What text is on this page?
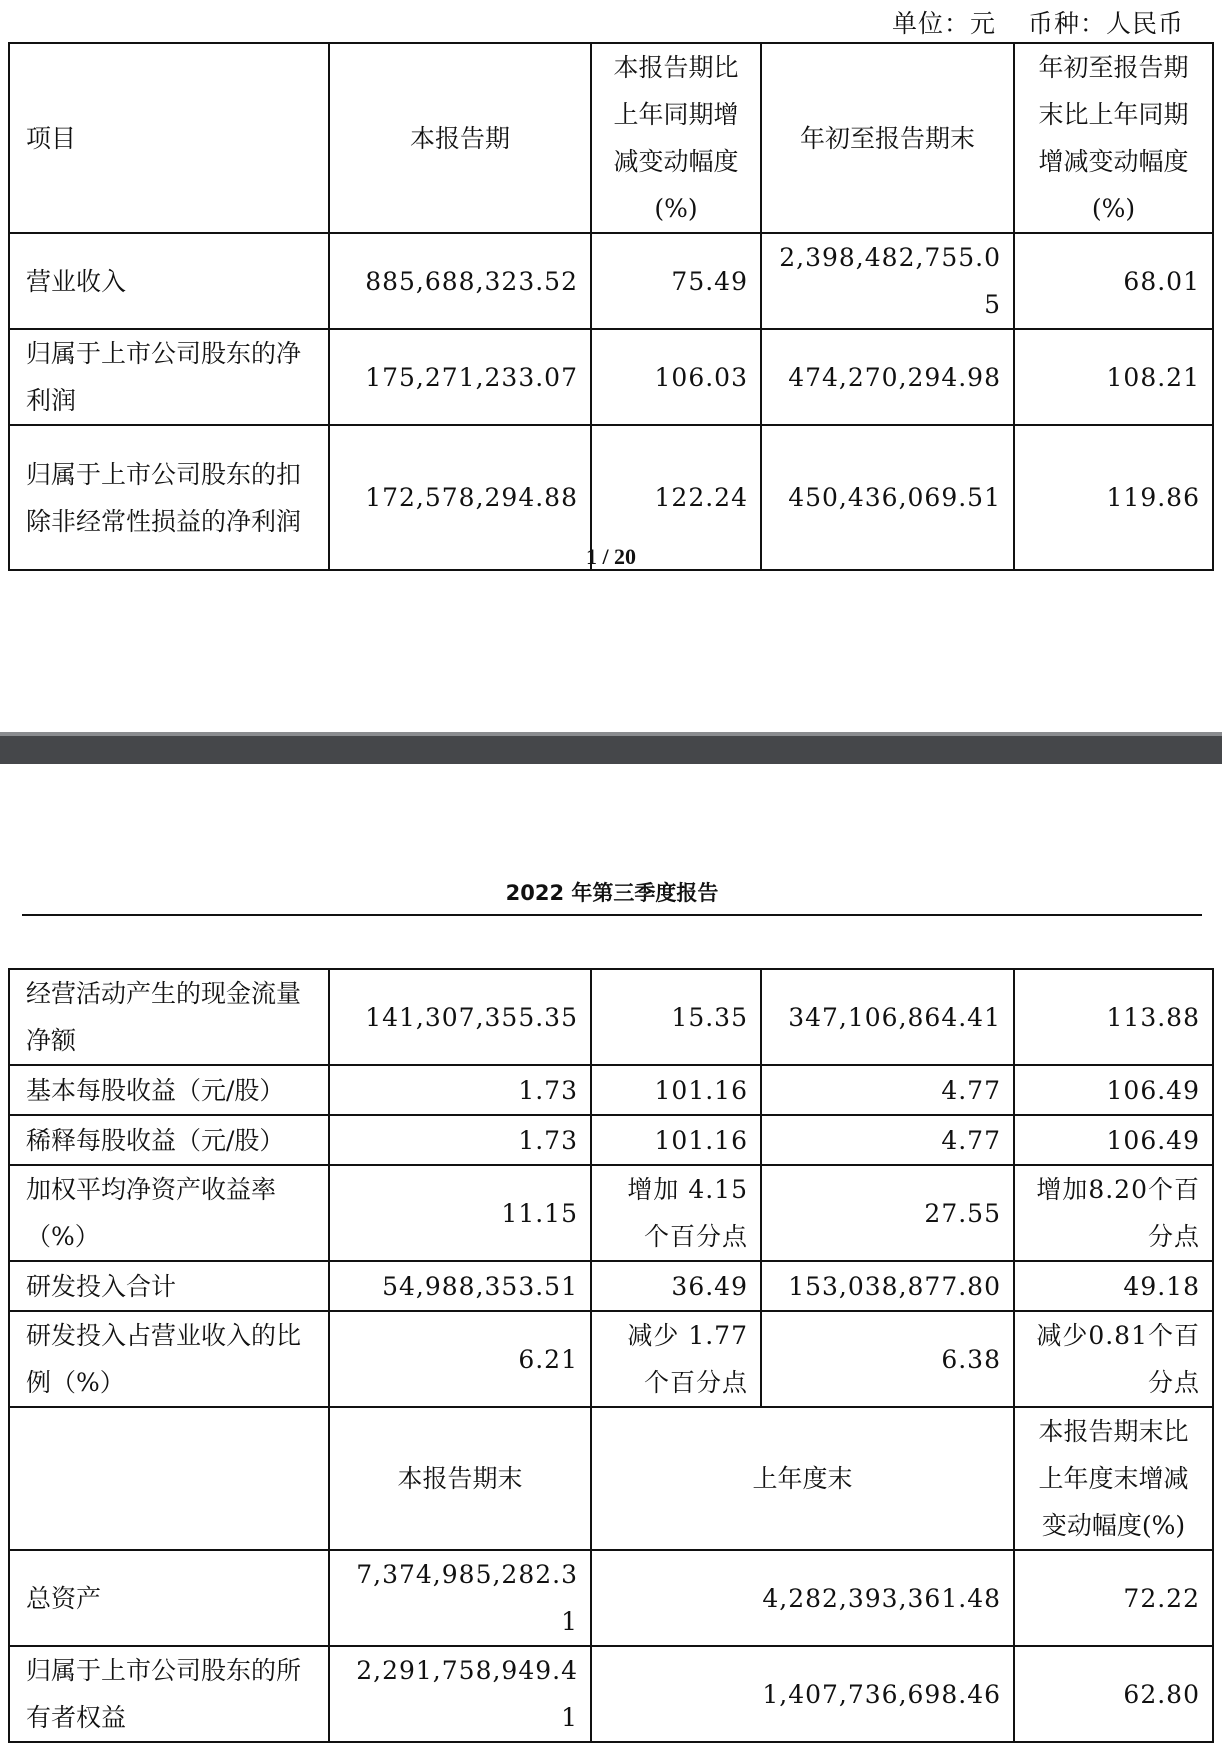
单位：元 币种：人民币
项目	本报告期	本报告期比上年同期增减变动幅度(%)	年初至报告期末	年初至报告期末比上年同期增减变动幅度(%)
营业收入	885,688,323.52	75.49	2,398,482,755.05	68.01
归属于上市公司股东的净利润	175,271,233.07	106.03	474,270,294.98	108.21
归属于上市公司股东的扣除非经常性损益的净利润	172,578,294.88	122.24	450,436,069.51	119.86
1 / 20
2022 年第三季度报告
经营活动产生的现金流量净额	141,307,355.35	15.35	347,106,864.41	113.88
基本每股收益（元/股）	1.73	101.16	4.77	106.49
稀释每股收益（元/股）	1.73	101.16	4.77	106.49
加权平均净资产收益率（%）	11.15	增加 4.15 个百分点	27.55	增加8.20个百分点
研发投入合计	54,988,353.51	36.49	153,038,877.80	49.18
研发投入占营业收入的比例（%）	6.21	减少 1.77 个百分点	6.38	减少0.81个百分点
	本报告期末	上年度末		本报告期末比上年度末增减变动幅度(%)
总资产	7,374,985,282.31	4,282,393,361.48		72.22
归属于上市公司股东的所有者权益	2,291,758,949.41	1,407,736,698.46		62.80
